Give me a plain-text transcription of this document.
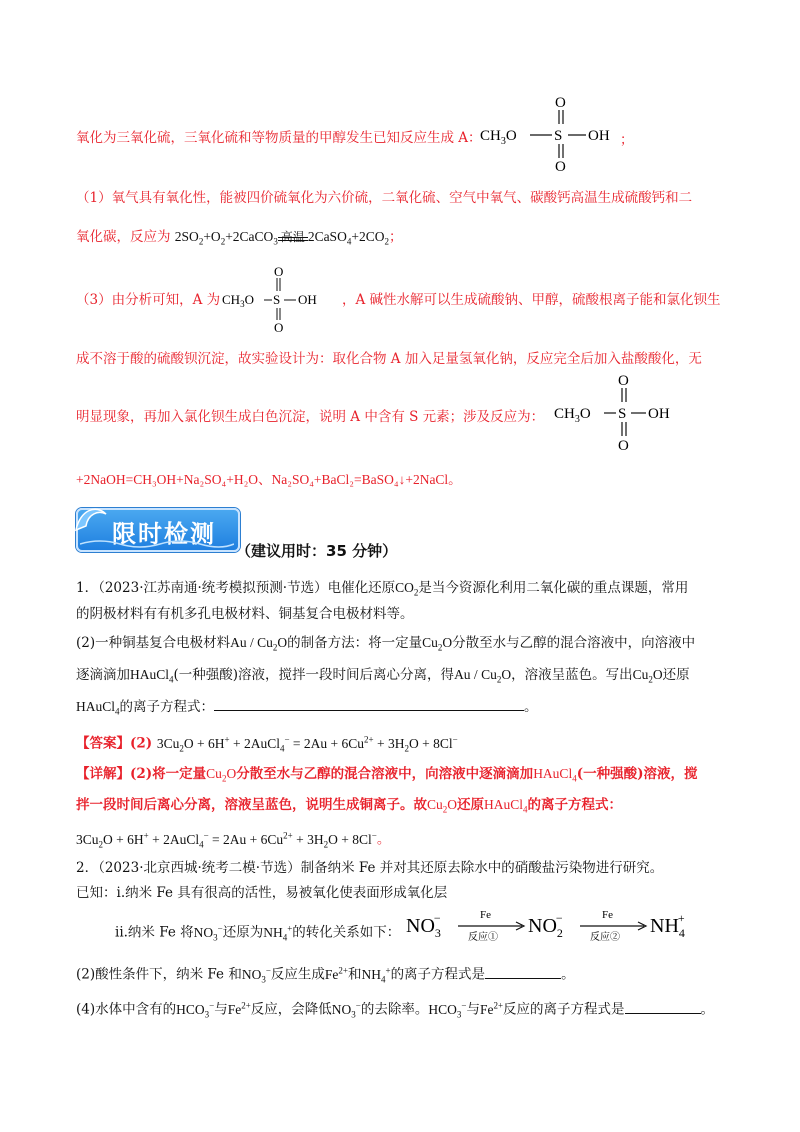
氧化为三氧化硫，三氧化硫和等物质量的甲醇发生已知反应生成 A：
$CH_3O$ S
O
O
OH ；
（1）氧气具有氧化性，能被四价硫氧化为六价硫，二氧化硫、空气中氧气、碳酸钙高温生成硫酸钙和二
氧化碳，反应为 $2SO_2+O_2+2CaCO_3$ 高温 $2CaSO_4+2CO_2$；
（3）由分析可知，A 为 $CH_3O$ S
O
O
OH ，A 碱性水解可以生成硫酸钠、甲醇，硫酸根离子能和氯化钡生
成不溶于酸的硫酸钡沉淀，故实验设计为：取化合物 A 加入足量氢氧化钠，反应完全后加入盐酸酸化，无
明显现象，再加入氯化钡生成白色沉淀，说明 A 中含有 S 元素；涉及反应为： $CH_3O$ S
O
O
OH
+2NaOH=CH₃OH+Na₂SO₄+H₂O、Na₂SO₄+BaCl₂=BaSO₄↓+2NaCl。
限时检测
（建议用时：35 分钟）
1．（2023·江苏南通·统考模拟预测·节选）电催化还原$CO_2$是当今资源化利用二氧化碳的重点课题，常用
的阴极材料有有机多孔电极材料、铜基复合电极材料等。
(2)一种铜基复合电极材料Au / $Cu_2O$的制备方法：将一定量$Cu_2O$分散至水与乙醇的混合溶液中，向溶液中
逐滴滴加HAuCl$_4$(一种强酸)溶液，搅拌一段时间后离心分离，得Au / $Cu_2O$，溶液呈蓝色。写出$Cu_2O$还原
HAuCl$_4$的离子方程式：	。
【答案】(2) $3Cu_2O + 6H^+$ + 2AuCl$_4$− = $2Au + 6Cu^{2+} + 3H_2O + 8Cl^-$
【详解】(2)将一定量$Cu_2O$分散至水与乙醇的混合溶液中，向溶液中逐滴滴加HAuCl$_4$(一种强酸)溶液，搅
拌一段时间后离心分离，溶液呈蓝色，说明生成铜离子。故$Cu_2O$还原HAuCl$_4$的离子方程式：
$3Cu_2O + 6H^+$ + 2AuCl$_4$− = $2Au + 6Cu^{2+} + 3H_2O + 8Cl^-$。
2．（2023·北京西城·统考二模·节选）制备纳米 Fe 并对其还原去除水中的硝酸盐污染物进行研究。
已知：i.纳米 Fe 具有很高的活性，易被氧化使表面形成氧化层
ii.纳米 Fe 将$NO_3^-$还原为$NH_4^+$的转化关系如下： $NO_3-$	Fe
反应①
$NO_2-$	Fe
反应②
$NH_4+$
(2)酸性条件下，纳米 Fe 和$NO_3^-$反应生成$Fe^{2+}$和$NH_4^+$的离子方程式是	。
(4)水体中含有的$HCO_3^-$与$Fe^{2+}$反应，会降低$NO_3^-$的去除率。$HCO_3^-$与$Fe^{2+}$反应的离子方程式是	。
